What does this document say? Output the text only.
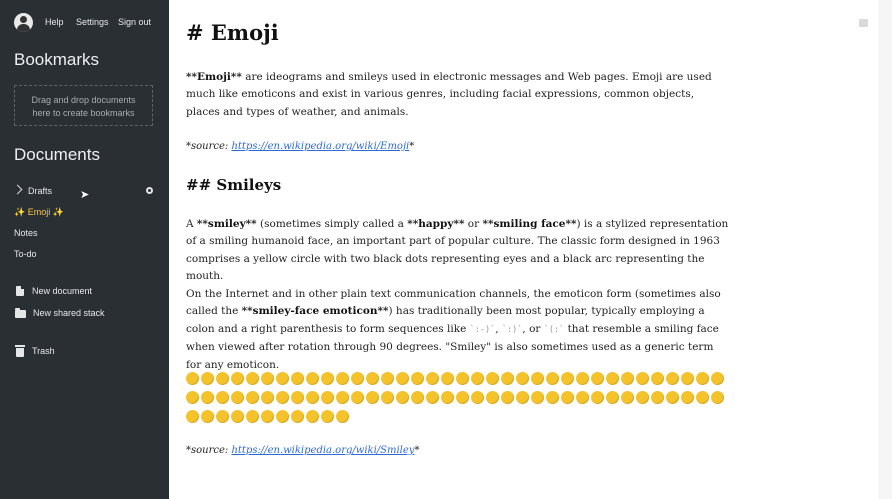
Help Settings Sign out
Bookmarks
Drag and drop documents
here to create bookmarks
Documents
Drafts	➤
✨ Emoji ✨
Notes
To-do
New document
New shared stack
Trash
# Emoji
**Emoji** are ideograms and smileys used in electronic messages and Web pages. Emoji are used much like emoticons and exist in various genres, including facial expressions, common objects, places and types of weather, and animals.
*source: https://en.wikipedia.org/wiki/Emoji*
## Smileys
A **smiley** (sometimes simply called a **happy** or **smiling face**) is a stylized representation of a smiling humanoid face, an important part of popular culture. The classic form designed in 1963 comprises a yellow circle with two black dots representing eyes and a black arc representing the mouth.
On the Internet and in other plain text communication channels, the emoticon form (sometimes also called the **smiley-face emoticon**) has traditionally been most popular, typically employing a colon and a right parenthesis to form sequences like `:-)`, `:)`, or `(:` that resemble a smiling face when viewed after rotation through 90 degrees. "Smiley" is also sometimes used as a generic term for any emoticon.
*source: https://en.wikipedia.org/wiki/Smiley*
